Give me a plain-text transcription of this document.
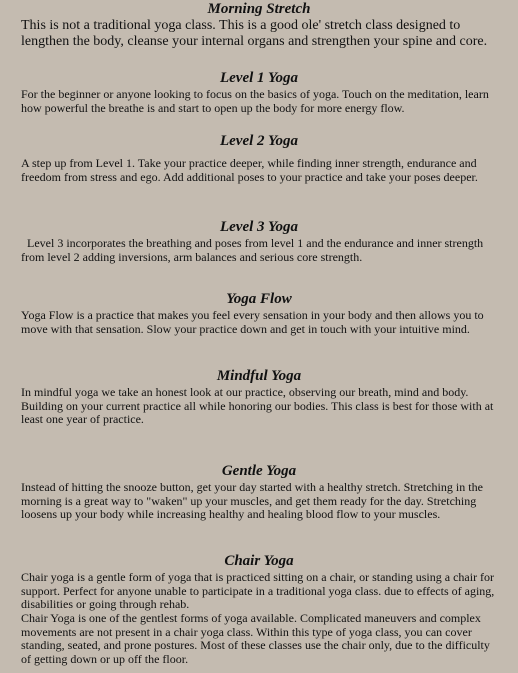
Morning Stretch

This is not a traditional yoga class. This is a good ole' stretch class designed to lengthen the body, cleanse your internal organs and strengthen your spine and core.

Level 1 Yoga

For the beginner or anyone looking to focus on the basics of yoga. Touch on the meditation, learn how powerful the breathe is and start to open up the body for more energy flow.

Level 2 Yoga

A step up from Level 1. Take your practice deeper, while finding inner strength, endurance and freedom from stress and ego. Add additional poses to your practice and take your poses deeper.

Level 3 Yoga

Level 3 incorporates the breathing and poses from level 1 and the endurance and inner strength from level 2 adding inversions, arm balances and serious core strength.

Yoga Flow

Yoga Flow is a practice that makes you feel every sensation in your body and then allows you to move with that sensation. Slow your practice down and get in touch with your intuitive mind.

Mindful Yoga

In mindful yoga we take an honest look at our practice, observing our breath, mind and body. Building on your current practice all while honoring our bodies. This class is best for those with at least one year of practice.

Gentle Yoga

Instead of hitting the snooze button, get your day started with a healthy stretch. Stretching in the morning is a great way to "waken" up your muscles, and get them ready for the day. Stretching loosens up your body while increasing healthy and healing blood flow to your muscles.

Chair Yoga

Chair yoga is a gentle form of yoga that is practiced sitting on a chair, or standing using a chair for support. Perfect for anyone unable to participate in a traditional yoga class. due to effects of aging, disabilities or going through rehab.

Chair Yoga is one of the gentlest forms of yoga available. Complicated maneuvers and complex movements are not present in a chair yoga class. Within this type of yoga class, you can cover standing, seated, and prone postures. Most of these classes use the chair only, due to the difficulty of getting down or up off the floor.
